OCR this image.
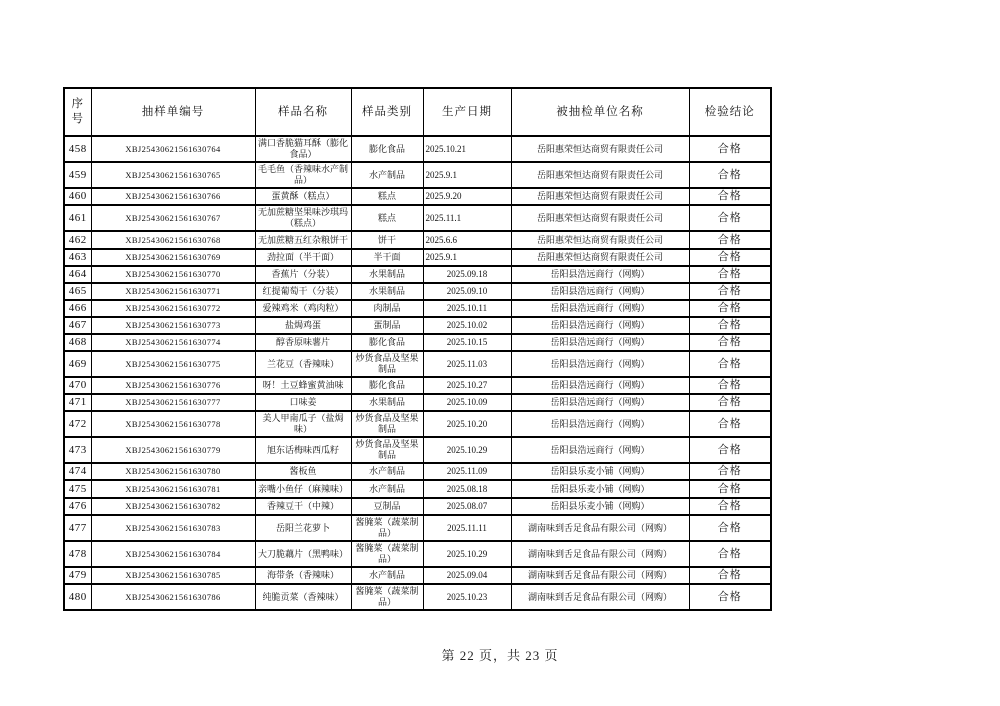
序号	抽样单编号	样品名称	样品类别	生产日期	被抽检单位名称	检验结论

458	XBJ25430621561630764	满口香脆猫耳酥（膨化食品）	膨化食品	2025.10.21	岳阳惠荣恒达商贸有限责任公司	合格

459	XBJ25430621561630765	毛毛鱼（香辣味水产制品）	水产制品	2025.9.1	岳阳惠荣恒达商贸有限责任公司	合格

460	XBJ25430621561630766	蛋黄酥（糕点）	糕点	2025.9.20	岳阳惠荣恒达商贸有限责任公司	合格

461	XBJ25430621561630767	无加蔗糖坚果味沙琪玛（糕点）	糕点	2025.11.1	岳阳惠荣恒达商贸有限责任公司	合格

462	XBJ25430621561630768	无加蔗糖五红杂粮饼干	饼干	2025.6.6	岳阳惠荣恒达商贸有限责任公司	合格

463	XBJ25430621561630769	劲拉面（半干面）	半干面	2025.9.1	岳阳惠荣恒达商贸有限责任公司	合格

464	XBJ25430621561630770	香蕉片（分装）	水果制品	2025.09.18	岳阳县浩远商行（网购）	合格

465	XBJ25430621561630771	红提葡萄干（分装）	水果制品	2025.09.10	岳阳县浩远商行（网购）	合格

466	XBJ25430621561630772	爱辣鸡米（鸡肉粒）	肉制品	2025.10.11	岳阳县浩远商行（网购）	合格

467	XBJ25430621561630773	盐焗鸡蛋	蛋制品	2025.10.02	岳阳县浩远商行（网购）	合格

468	XBJ25430621561630774	醇香原味薯片	膨化食品	2025.10.15	岳阳县浩远商行（网购）	合格

469	XBJ25430621561630775	兰花豆（香辣味）	炒货食品及坚果制品	2025.11.03	岳阳县浩远商行（网购）	合格

470	XBJ25430621561630776	呀！土豆蜂蜜黄油味	膨化食品	2025.10.27	岳阳县浩远商行（网购）	合格

471	XBJ25430621561630777	口味姜	水果制品	2025.10.09	岳阳县浩远商行（网购）	合格

472	XBJ25430621561630778	美人甲南瓜子（盐焗味）	炒货食品及坚果制品	2025.10.20	岳阳县浩远商行（网购）	合格

473	XBJ25430621561630779	旭东话梅味西瓜籽	炒货食品及坚果制品	2025.10.29	岳阳县浩远商行（网购）	合格

474	XBJ25430621561630780	酱板鱼	水产制品	2025.11.09	岳阳县乐麦小铺（网购）	合格

475	XBJ25430621561630781	亲嘴小鱼仔（麻辣味）	水产制品	2025.08.18	岳阳县乐麦小铺（网购）	合格

476	XBJ25430621561630782	香辣豆干（中辣）	豆制品	2025.08.07	岳阳县乐麦小铺（网购）	合格

477	XBJ25430621561630783	岳阳兰花萝卜	酱腌菜（蔬菜制品）	2025.11.11	湖南味到舌足食品有限公司（网购）	合格

478	XBJ25430621561630784	大刀脆藕片（黑鸭味）	酱腌菜（蔬菜制品）	2025.10.29	湖南味到舌足食品有限公司（网购）	合格

479	XBJ25430621561630785	海带条（香辣味）	水产制品	2025.09.04	湖南味到舌足食品有限公司（网购）	合格

480	XBJ25430621561630786	纯脆贡菜（香辣味）	酱腌菜（蔬菜制品）	2025.10.23	湖南味到舌足食品有限公司（网购）	合格
第 22 页，共 23 页
